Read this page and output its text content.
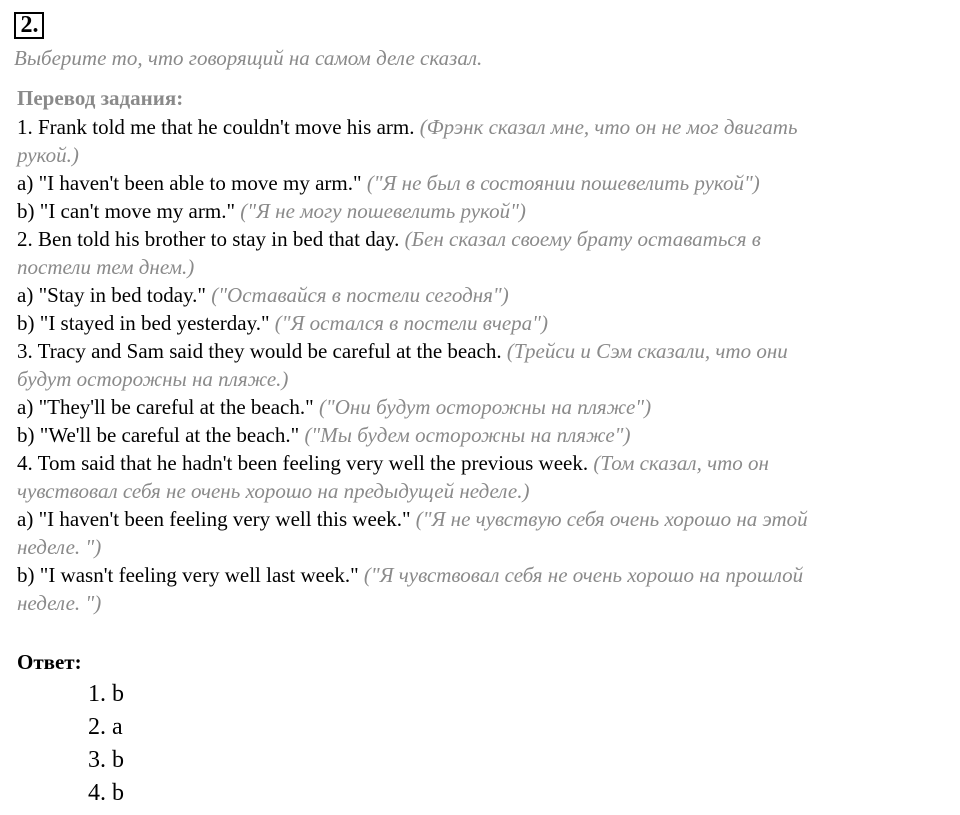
2.
Выберите то, что говорящий на самом деле сказал.
Перевод задания:
1. Frank told me that he couldn't move his arm. (Фрэнк сказал мне, что он не мог двигать
рукой.)
a) "I haven't been able to move my arm." ("Я не был в состоянии пошевелить рукой")
b) "I can't move my arm." ("Я не могу пошевелить рукой")
2. Ben told his brother to stay in bed that day. (Бен сказал своему брату оставаться в
постели тем днем.)
a) "Stay in bed today." ("Оставайся в постели сегодня")
b) "I stayed in bed yesterday." ("Я остался в постели вчера")
3. Tracy and Sam said they would be careful at the beach. (Трейси и Сэм сказали, что они
будут осторожны на пляже.)
a) "They'll be careful at the beach." ("Они будут осторожны на пляже")
b) "We'll be careful at the beach." ("Мы будем осторожны на пляже")
4. Tom said that he hadn't been feeling very well the previous week. (Том сказал, что он
чувствовал себя не очень хорошо на предыдущей неделе.)
a) "I haven't been feeling very well this week." ("Я не чувствую себя очень хорошо на этой
неделе. ")
b) "I wasn't feeling very well last week." ("Я чувствовал себя не очень хорошо на прошлой
неделе. ")
Ответ:
1. b
2. a
3. b
4. b
